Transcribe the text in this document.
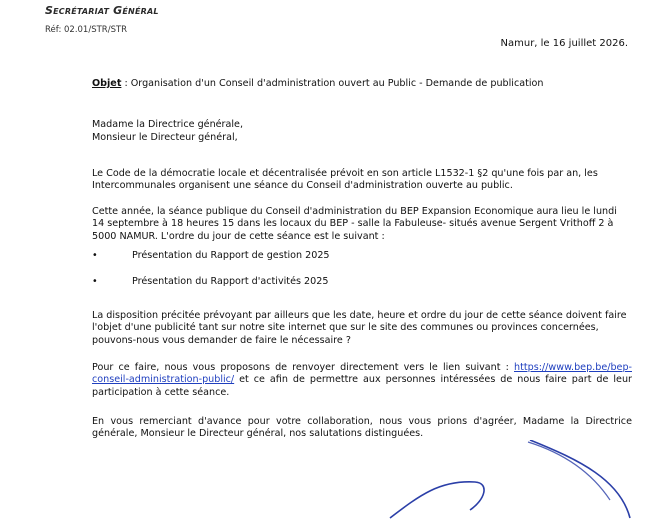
Secrétariat Général
Réf: 02.01/STR/STR
Namur, le 16 juillet 2026.
Objet : Organisation d'un Conseil d'administration ouvert au Public - Demande de publication

Madame la Directrice générale,

Monsieur le Directeur général,

Le Code de la démocratie locale et décentralisée prévoit en son article L1532-1 §2 qu'une fois par an, les Intercommunales organisent une séance du Conseil d'administration ouverte au public.

Cette année, la séance publique du Conseil d'administration du BEP Expansion Economique aura lieu le lundi 14 septembre à 18 heures 15 dans les locaux du BEP - salle la Fabuleuse- situés avenue Sergent Vrithoff 2 à 5000 NAMUR. L'ordre du jour de cette séance est le suivant :

•	Présentation du Rapport de gestion 2025
•	Présentation du Rapport d'activités 2025

La disposition précitée prévoyant par ailleurs que les date, heure et ordre du jour de cette séance doivent faire l'objet d'une publicité tant sur notre site internet que sur le site des communes ou provinces concernées, pouvons-nous vous demander de faire le nécessaire ?

Pour ce faire, nous vous proposons de renvoyer directement vers le lien suivant : https://www.bep.be/bep-conseil-administration-public/ et ce afin de permettre aux personnes intéressées de nous faire part de leur participation à cette séance.

En vous remerciant d'avance pour votre collaboration, nous vous prions d'agréer, Madame la Directrice générale, Monsieur le Directeur général, nos salutations distinguées.
